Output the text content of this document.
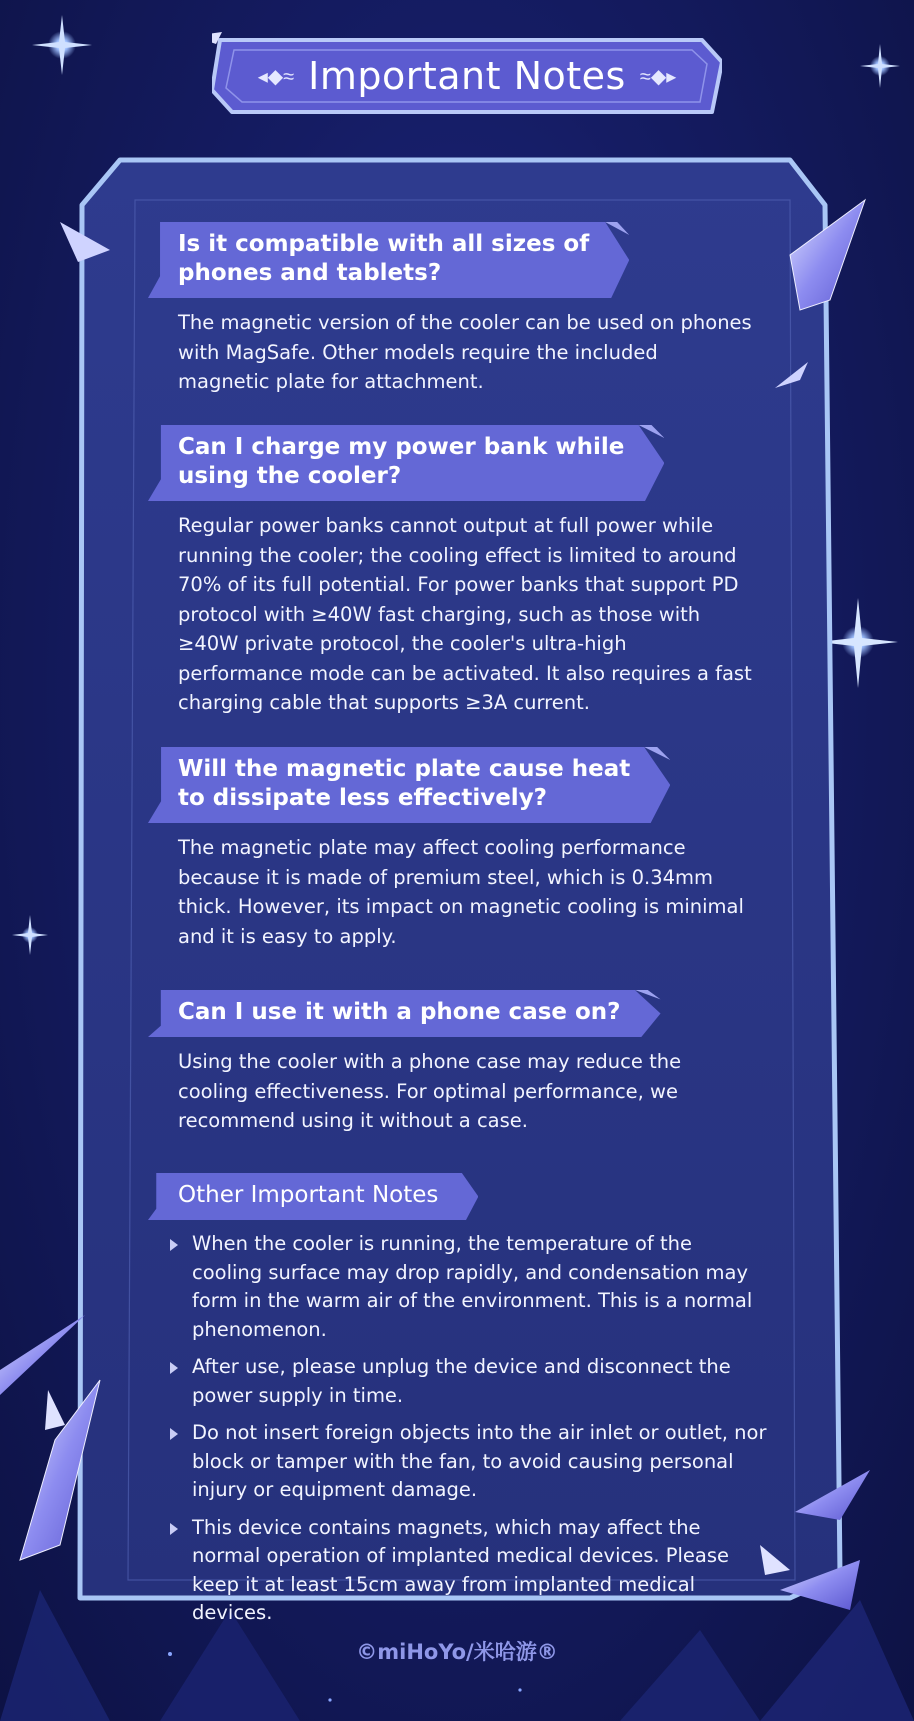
◂◆≈ Important Notes ≈◆▸
Is it compatible with all sizes of
phones and tablets?
The magnetic version of the cooler can be used on phones with MagSafe. Other models require the included magnetic plate for attachment.
Can I charge my power bank while
using the cooler?
Regular power banks cannot output at full power while running the cooler; the cooling effect is limited to around 70% of its full potential. For power banks that support PD protocol with ≥40W fast charging, such as those with ≥40W private protocol, the cooler's ultra-high performance mode can be activated. It also requires a fast charging cable that supports ≥3A current.
Will the magnetic plate cause heat
to dissipate less effectively?
The magnetic plate may affect cooling performance because it is made of premium steel, which is 0.34mm thick. However, its impact on magnetic cooling is minimal and it is easy to apply.
Can I use it with a phone case on?
Using the cooler with a phone case may reduce the cooling effectiveness. For optimal performance, we recommend using it without a case.
Other Important Notes
When the cooler is running, the temperature of the cooling surface may drop rapidly, and condensation may form in the warm air of the environment. This is a normal phenomenon.
After use, please unplug the device and disconnect the power supply in time.
Do not insert foreign objects into the air inlet or outlet, nor block or tamper with the fan, to avoid causing personal injury or equipment damage.
This device contains magnets, which may affect the normal operation of implanted medical devices. Please keep it at least 15cm away from implanted medical devices.
©miHoYo/米哈游®
